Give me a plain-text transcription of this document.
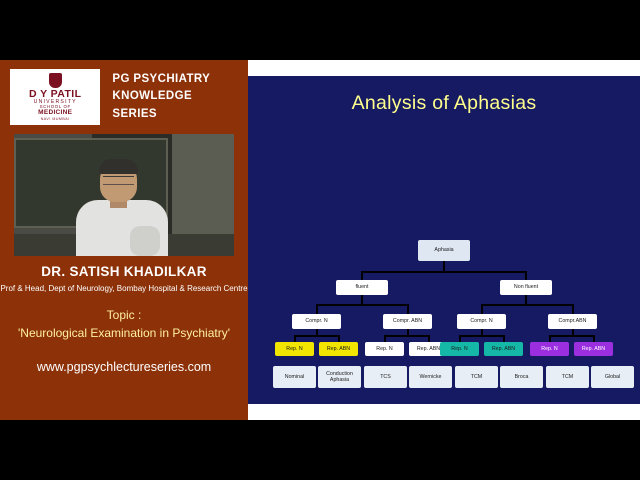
D Y PATIL
UNIVERSITY
SCHOOL OF
MEDICINE
NAVI MUMBAI
PG PSYCHIATRY
KNOWLEDGE SERIES
DR. SATISH KHADILKAR
Prof & Head, Dept of Neurology, Bombay Hospital & Research Centre
Topic :
'Neurological Examination in Psychiatry'
www.pgpsychlectureseries.com
Analysis of Aphasias
Aphasia
fluent	Non fluent
Compr. N	Compr. ABN	Compr. N	Compr.ABN
Rep. N	Rep. ABN	Rep. N	Rep. ABN	Rep. N	Rep. ABN	Rep. N	Rep. ABN
Nominal
Conduction Aphasia
TCS	Wernicke	TCM	Broca	TCM	Global
